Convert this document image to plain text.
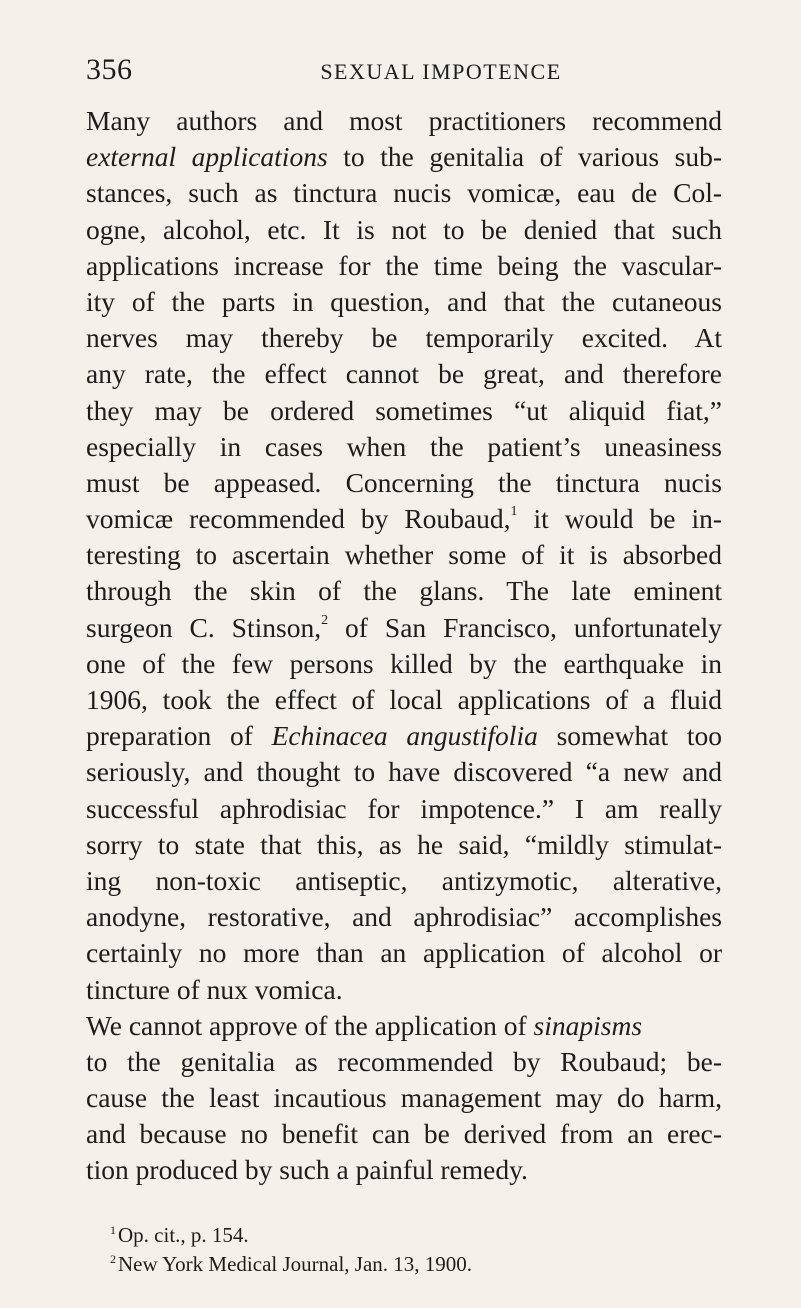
356	SEXUAL IMPOTENCE
Many authors and most practitioners recommend
external applications to the genitalia of various sub-
stances, such as tinctura nucis vomicæ, eau de Col-
ogne, alcohol, etc. It is not to be denied that such
applications increase for the time being the vascular-
ity of the parts in question, and that the cutaneous
nerves may thereby be temporarily excited. At
any rate, the effect cannot be great, and therefore
they may be ordered sometimes “ut aliquid fiat,”
especially in cases when the patient’s uneasiness
must be appeased. Concerning the tinctura nucis
vomicæ recommended by Roubaud,$^1$ it would be in-
teresting to ascertain whether some of it is absorbed
through the skin of the glans. The late eminent
surgeon C. Stinson,$^2$ of San Francisco, unfortunately
one of the few persons killed by the earthquake in
1906, took the effect of local applications of a fluid
preparation of Echinacea angustifolia somewhat too
seriously, and thought to have discovered “a new and
successful aphrodisiac for impotence.” I am really
sorry to state that this, as he said, “mildly stimulat-
ing non-toxic antiseptic, antizymotic, alterative,
anodyne, restorative, and aphrodisiac” accomplishes
certainly no more than an application of alcohol or
tincture of nux vomica.
We cannot approve of the application of sinapisms
to the genitalia as recommended by Roubaud; be-
cause the least incautious management may do harm,
and because no benefit can be derived from an erec-
tion produced by such a painful remedy.
$^1$Op. cit., p. 154.
$^2$New York Medical Journal, Jan. 13, 1900.
